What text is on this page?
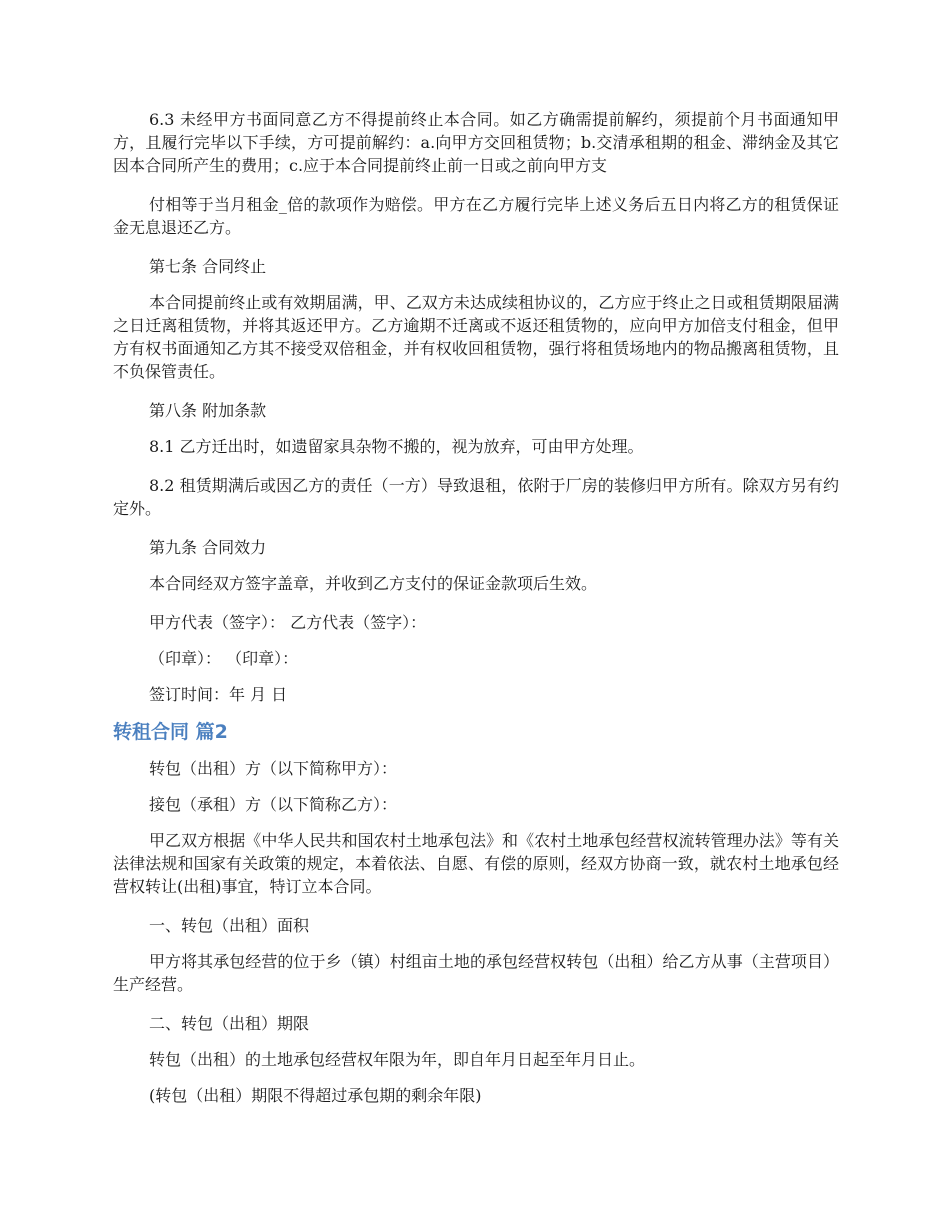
6.3 未经甲方书面同意乙方不得提前终止本合同。如乙方确需提前解约，须提前个月书面通知甲方，且履行完毕以下手续，方可提前解约：a.向甲方交回租赁物；b.交清承租期的租金、滞纳金及其它因本合同所产生的费用；c.应于本合同提前终止前一日或之前向甲方支

付相等于当月租金_倍的款项作为赔偿。甲方在乙方履行完毕上述义务后五日内将乙方的租赁保证金无息退还乙方。

第七条 合同终止

本合同提前终止或有效期届满，甲、乙双方未达成续租协议的，乙方应于终止之日或租赁期限届满之日迁离租赁物，并将其返还甲方。乙方逾期不迁离或不返还租赁物的，应向甲方加倍支付租金，但甲方有权书面通知乙方其不接受双倍租金，并有权收回租赁物，强行将租赁场地内的物品搬离租赁物，且不负保管责任。

第八条 附加条款

8.1 乙方迁出时，如遗留家具杂物不搬的，视为放弃，可由甲方处理。

8.2 租赁期满后或因乙方的责任（一方）导致退租，依附于厂房的装修归甲方所有。除双方另有约定外。

第九条 合同效力

本合同经双方签字盖章，并收到乙方支付的保证金款项后生效。

甲方代表（签字）： 乙方代表（签字）：

（印章）： （印章）：

签订时间：年 月 日

转租合同 篇2

转包（出租）方（以下简称甲方）：

接包（承租）方（以下简称乙方）：

甲乙双方根据《中华人民共和国农村土地承包法》和《农村土地承包经营权流转管理办法》等有关法律法规和国家有关政策的规定，本着依法、自愿、有偿的原则，经双方协商一致，就农村土地承包经营权转让(出租)事宜，特订立本合同。

一、转包（出租）面积

甲方将其承包经营的位于乡（镇）村组亩土地的承包经营权转包（出租）给乙方从事（主营项目）生产经营。

二、转包（出租）期限

转包（出租）的土地承包经营权年限为年，即自年月日起至年月日止。

(转包（出租）期限不得超过承包期的剩余年限)
